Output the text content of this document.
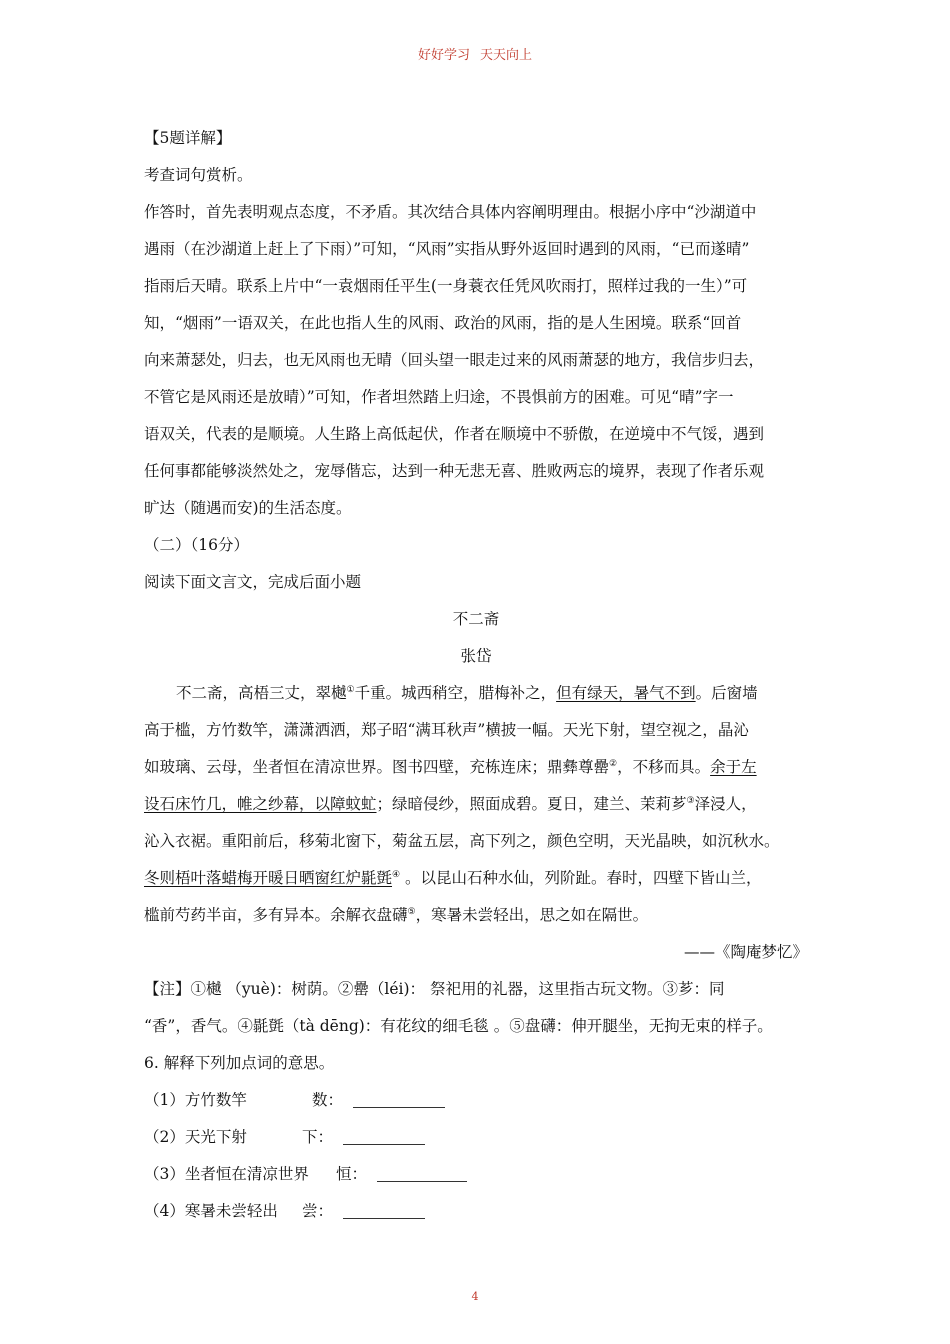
好好学习 天天向上
【5题详解】
考查词句赏析。
作答时，首先表明观点态度，不矛盾。其次结合具体内容阐明理由。根据小序中“沙湖道中
遇雨（在沙湖道上赶上了下雨）”可知，“风雨”实指从野外返回时遇到的风雨，“已而遂晴”
指雨后天晴。联系上片中“一袁烟雨任平生(一身蓑衣任凭风吹雨打，照样过我的一生）”可
知，“烟雨”一语双关，在此也指人生的风雨、政治的风雨，指的是人生困境。联系“回首
向来萧瑟处，归去，也无风雨也无晴（回头望一眼走过来的风雨萧瑟的地方，我信步归去，
不管它是风雨还是放晴）”可知，作者坦然踏上归途，不畏惧前方的困难。可见“晴”字一
语双关，代表的是顺境。人生路上高低起伏，作者在顺境中不骄傲，在逆境中不气馁，遇到
任何事都能够淡然处之，宠辱偕忘，达到一种无悲无喜、胜败两忘的境界，表现了作者乐观
旷达（随遇而安)的生活态度。
（二）（16分）
阅读下面文言文，完成后面小题
不二斋
张岱
不二斋，高梧三丈，翠樾①千重。城西稍空，腊梅补之，但有绿天，暑气不到。后窗墙
高于槛，方竹数竿，潇潇洒洒，郑子昭“满耳秋声”横披一幅。天光下射，望空视之，晶沁
如玻璃、云母，坐者恒在清凉世界。图书四壁，充栋连床；鼎彝尊罍②，不移而具。余于左
设石床竹几，帷之纱幕，以障蚊虻；绿暗侵纱，照面成碧。夏日，建兰、茉莉芗③泽浸人，
沁入衣裾。重阳前后，移菊北窗下，菊盆五层，高下列之，颜色空明，天光晶映，如沉秋水。
冬则梧叶落蜡梅开暖日晒窗红炉毾㲪④ 。以昆山石种水仙，列阶趾。春时，四壁下皆山兰，
槛前芍药半亩，多有异本。余解衣盘礴⑤，寒暑未尝轻出，思之如在隔世。
——《陶庵梦忆》
【注】①樾 （yuè)：树荫。②罍（léi)： 祭祀用的礼器，这里指古玩文物。③芗：同
“香”，香气。④毾㲪（tà dēng)：有花纹的细毛毯 。⑤盘礴：伸开腿坐，无拘无束的样子。
6. 解释下列加点词的意思。
（1）方竹数竿	数：
（2）天光下射	下：
（3）坐者恒在清凉世界	恒：
（4）寒暑未尝轻出	尝：
4
